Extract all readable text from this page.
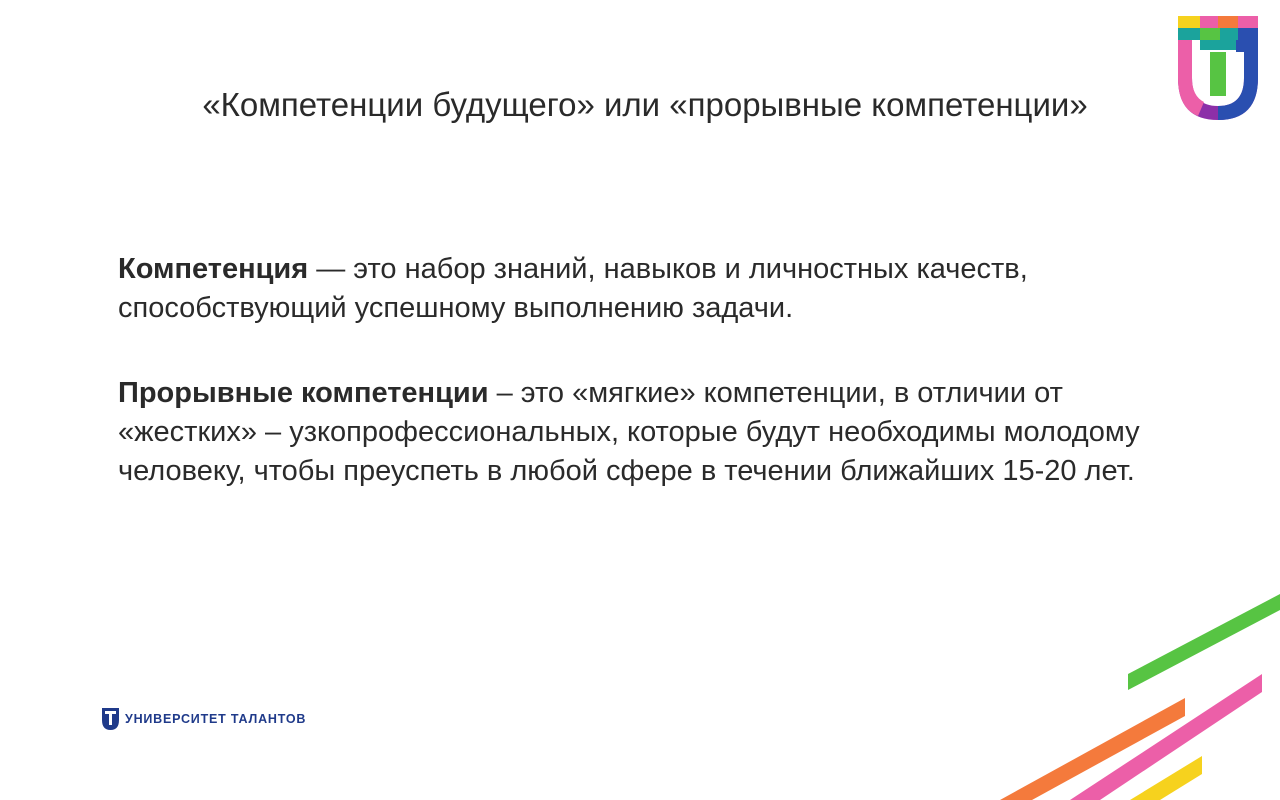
«Компетенции будущего» или «прорывные компетенции»

Компетенция — это набор знаний, навыков и личностных качеств, способствующий успешному выполнению задачи.

Прорывные компетенции – это «мягкие» компетенции, в отличии от «жестких» – узкопрофессиональных, которые будут необходимы молодому человеку, чтобы преуспеть в любой сфере в течении ближайших 15-20 лет.

УНИВЕРСИТЕТ ТАЛАНТОВ
